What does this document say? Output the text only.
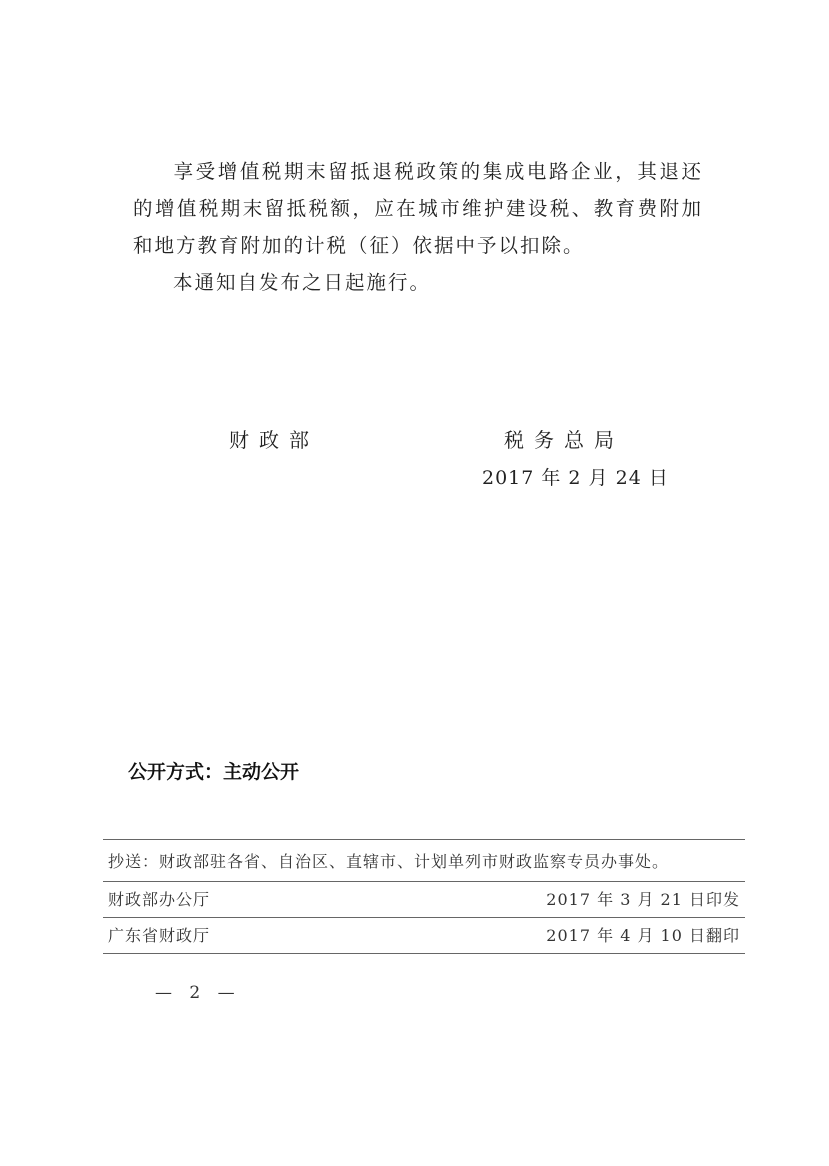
享受增值税期末留抵退税政策的集成电路企业，其退还的增值税期末留抵税额，应在城市维护建设税、教育费附加和地方教育附加的计税（征）依据中予以扣除。
本通知自发布之日起施行。
财政部	税务总局
2017 年 2 月 24 日
公开方式：主动公开
抄送：财政部驻各省、自治区、直辖市、计划单列市财政监察专员办事处。
财政部办公厅	2017 年 3 月 21 日印发
广东省财政厅	2017 年 4 月 10 日翻印
— 2 —
